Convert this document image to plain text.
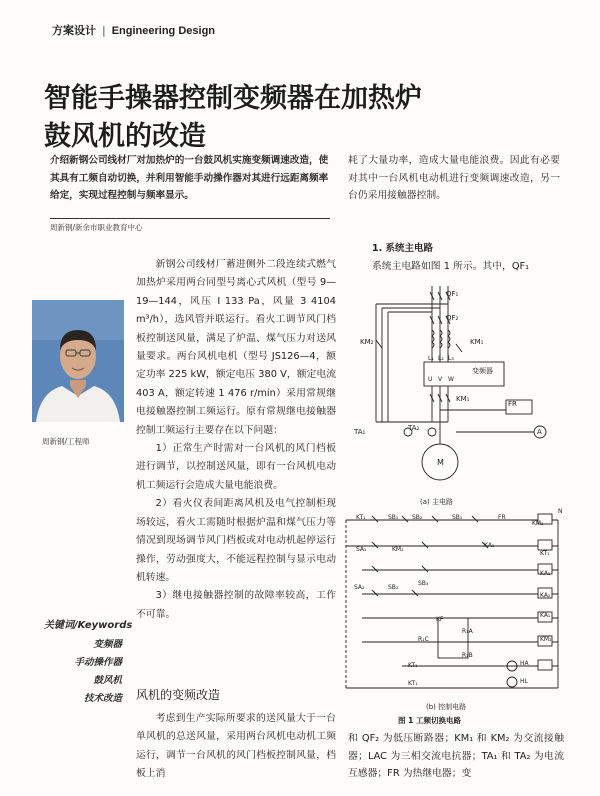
方案设计 | Engineering Design
智能手操器控制变频器在加热炉
鼓风机的改造
介绍新钢公司线材厂对加热炉的一台鼓风机实施变频调速改造，使其具有工频自动切换，并利用智能手动操作器对其进行远距离频率给定，实现过程控制与频率显示。
周新钢/新余市职业教育中心
周新钢/工程师
关键词/Keywords
变频器
手动操作器
鼓风机
技术改造

新钢公司线材厂蓄进侧外二段连续式燃气加热炉采用两台同型号离心式风机（型号 9—19—144，风压 I 133 Pa，风量 3 4104 m³/h），选风管并联运行。看火工调节风门档板控制送风量，满足了炉温、煤气压力对送风量要求。两台风机电机（型号 JS126—4，额定功率 225 kW，额定电压 380 V，额定电流 403 A，额定转速 1 476 r/min）采用常规继电接触器控制工频运行。原有常规继电接触器控制工频运行主要存在以下问题：

1）正常生产时需对一台风机的风门档板进行调节，以控制送风量，即有一台风机电动机工频运行会造成大量电能浪费。

2）看火仪表间距离风机及电气控制柜现场较远，看火工需随时根据炉温和煤气压力等情况到现场调节风门档板或对电动机起停运行操作，劳动强度大，不能远程控制与显示电动机转速。

3）继电接触器控制的故障率较高，工作不可靠。

风机的变频改造

考虑到生产实际所要求的送风量大于一台单风机的总送风量，采用两台风机电动机工频运行，调节一台风机的风门档板控制风量，档板上消

耗了大量功率，造成大量电能浪费。因此有必要对其中一台风机电动机进行变频调速改造，另一台仍采用接触器控制。
1. 系统主电路
系统主电路如图 1 所示。其中，QF₁
QF₁
QF₂
KM₁
KM₂
L₁ L₂ L₃
U V W
变频器
KM₁
TA₁	TA₂
FR
A
M
(a) 主电路
(b) 控制电路
图 1 工频切换电路
KT₁	SB₁ SB₂	SB₁	FR
KM₂
N
SA₁	KM₂
KA₁
KT₁
KA₁
SA₂	SB₂
SB₃
KA₂
KA₁
KF
R₁A
R₁C
R₁B
KM₂
HA
HL
KT₁
KT₁
和 QF₂ 为低压断路器；KM₁ 和 KM₂ 为交流接触器；LAC 为三相交流电抗器；TA₁ 和 TA₂ 为电流互感器；FR 为热继电器；变
